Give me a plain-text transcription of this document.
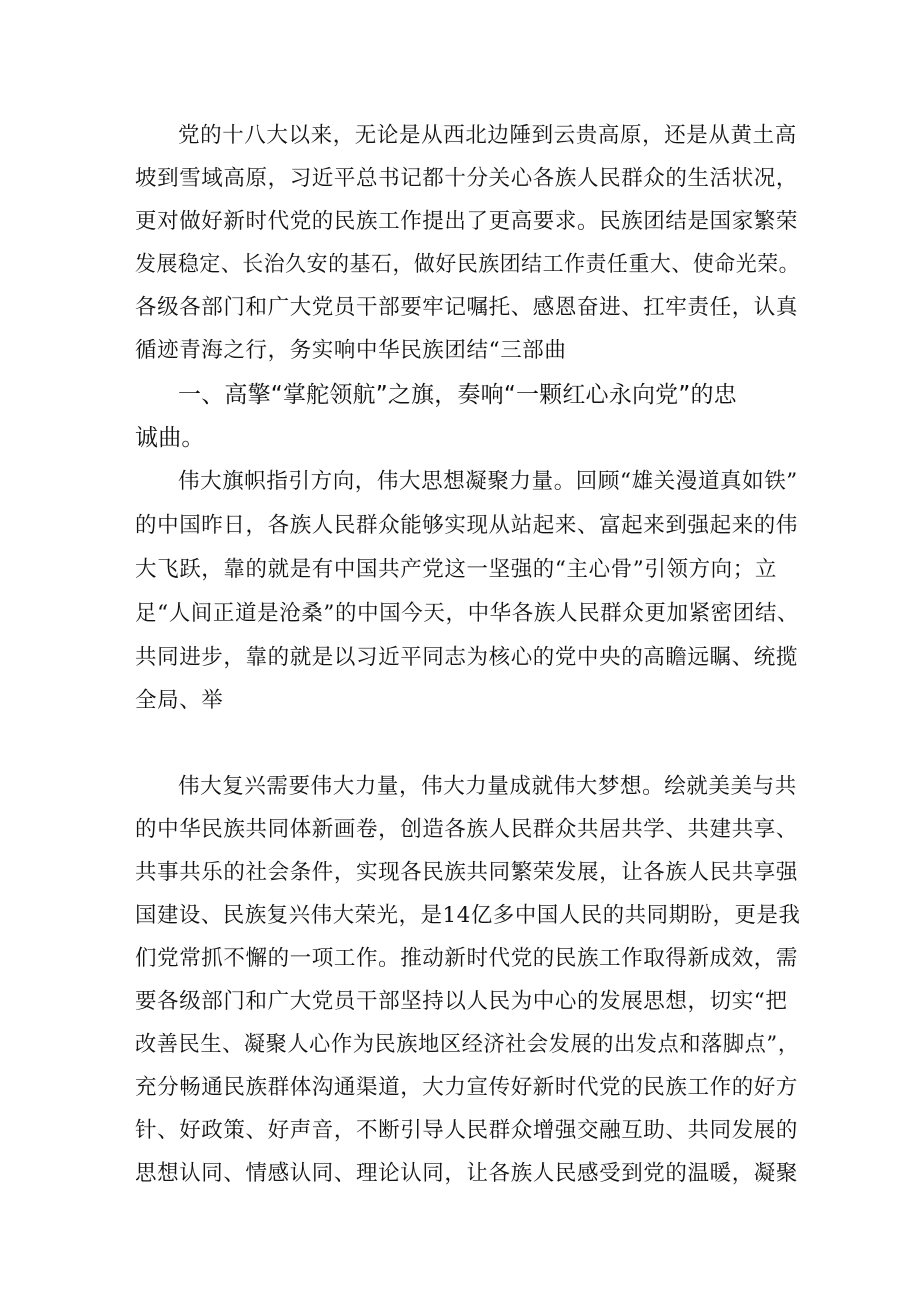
党的十八大以来，无论是从西北边陲到云贵高原，还是从黄土高
坡到雪域高原，习近平总书记都十分关心各族人民群众的生活状况，
更对做好新时代党的民族工作提出了更高要求。民族团结是国家繁荣
发展稳定、长治久安的基石，做好民族团结工作责任重大、使命光荣。
各级各部门和广大党员干部要牢记嘱托、感恩奋进、扛牢责任，认真
循迹青海之行，务实响中华民族团结“三部曲
一、高擎“掌舵领航”之旗，奏响“一颗红心永向党”的忠
诚曲。
伟大旗帜指引方向，伟大思想凝聚力量。回顾“雄关漫道真如铁”
的中国昨日，各族人民群众能够实现从站起来、富起来到强起来的伟
大飞跃，靠的就是有中国共产党这一坚强的“主心骨”引领方向；立
足“人间正道是沧桑”的中国今天，中华各族人民群众更加紧密团结、
共同进步，靠的就是以习近平同志为核心的党中央的高瞻远瞩、统揽
全局、举
伟大复兴需要伟大力量，伟大力量成就伟大梦想。绘就美美与共
的中华民族共同体新画卷，创造各族人民群众共居共学、共建共享、
共事共乐的社会条件，实现各民族共同繁荣发展，让各族人民共享强
国建设、民族复兴伟大荣光，是14亿多中国人民的共同期盼，更是我
们党常抓不懈的一项工作。推动新时代党的民族工作取得新成效，需
要各级部门和广大党员干部坚持以人民为中心的发展思想，切实“把
改善民生、凝聚人心作为民族地区经济社会发展的出发点和落脚点”，
充分畅通民族群体沟通渠道，大力宣传好新时代党的民族工作的好方
针、好政策、好声音，不断引导人民群众增强交融互助、共同发展的
思想认同、情感认同、理论认同，让各族人民感受到党的温暖，凝聚
